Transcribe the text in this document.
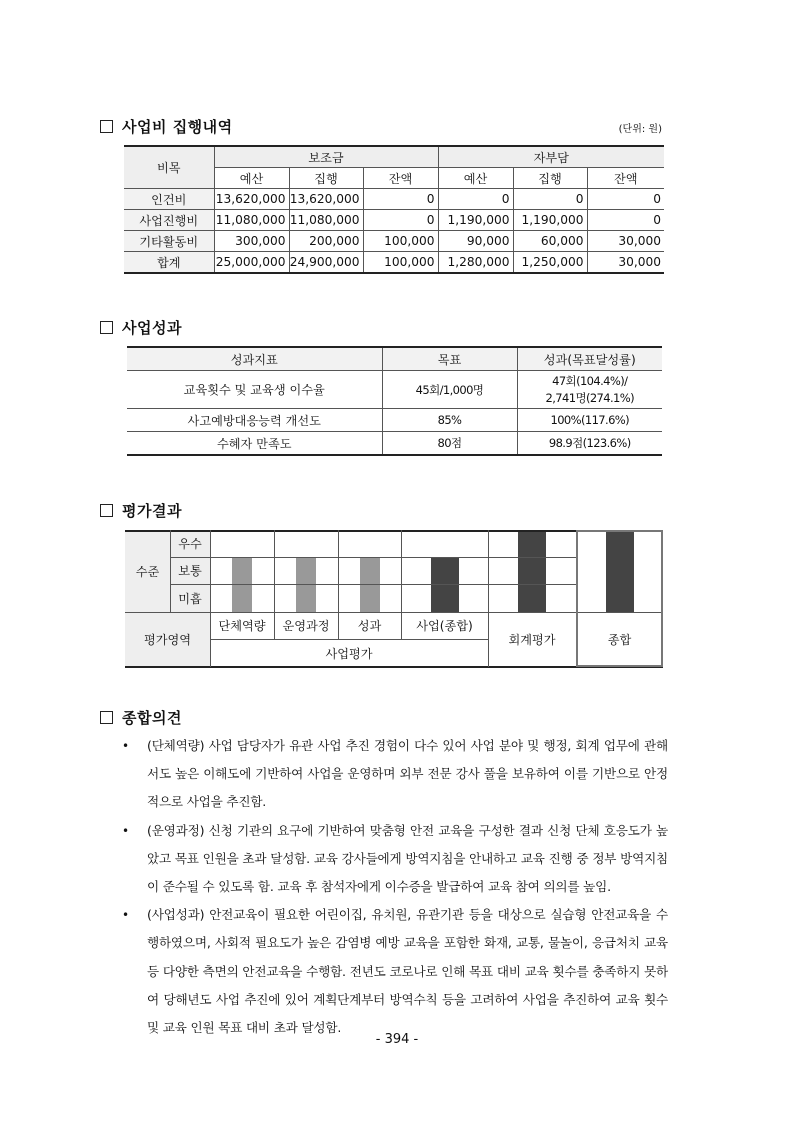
사업비 집행내역	(단위: 원)
비목	보조금			자부담		
	예산	집행	잔액	예산	집행	잔액
인건비	13,620,000	13,620,000	0	0	0	0
사업진행비	11,080,000	11,080,000	0	1,190,000	1,190,000	0
기타활동비	300,000	200,000	100,000	90,000	60,000	30,000
합계	25,000,000	24,900,000	100,000	1,280,000	1,250,000	30,000
사업성과
성과지표	목표	성과(목표달성률)
교육횟수 및 교육생 이수율	45회/1,000명	47회(104.4%)/
2,741명(274.1%)

사고예방대응능력 개선도	85%	100%(117.6%)
수혜자 만족도	80점	98.9점(123.6%)
평가결과
수준
우수
보통
미흡
평가영역
단체역량	운영과정	성과	사업(종합)
사업평가
회계평가	종합
종합의견
• (단체역량) 사업 담당자가 유관 사업 추진 경험이 다수 있어 사업 분야 및 행정, 회계 업무에 관해서도 높은 이해도에 기반하여 사업을 운영하며 외부 전문 강사 풀을 보유하여 이를 기반으로 안정적으로 사업을 추진함.
• (운영과정) 신청 기관의 요구에 기반하여 맞춤형 안전 교육을 구성한 결과 신청 단체 호응도가 높았고 목표 인원을 초과 달성함. 교육 강사들에게 방역지침을 안내하고 교육 진행 중 정부 방역지침이 준수될 수 있도록 함. 교육 후 참석자에게 이수증을 발급하여 교육 참여 의의를 높임.
• (사업성과) 안전교육이 필요한 어린이집, 유치원, 유관기관 등을 대상으로 실습형 안전교육을 수행하였으며, 사회적 필요도가 높은 감염병 예방 교육을 포함한 화재, 교통, 물놀이, 응급처치 교육 등 다양한 측면의 안전교육을 수행함. 전년도 코로나로 인해 목표 대비 교육 횟수를 충족하지 못하여 당해년도 사업 추진에 있어 계획단계부터 방역수칙 등을 고려하여 사업을 추진하여 교육 횟수 및 교육 인원 목표 대비 초과 달성함.
- 394 -
